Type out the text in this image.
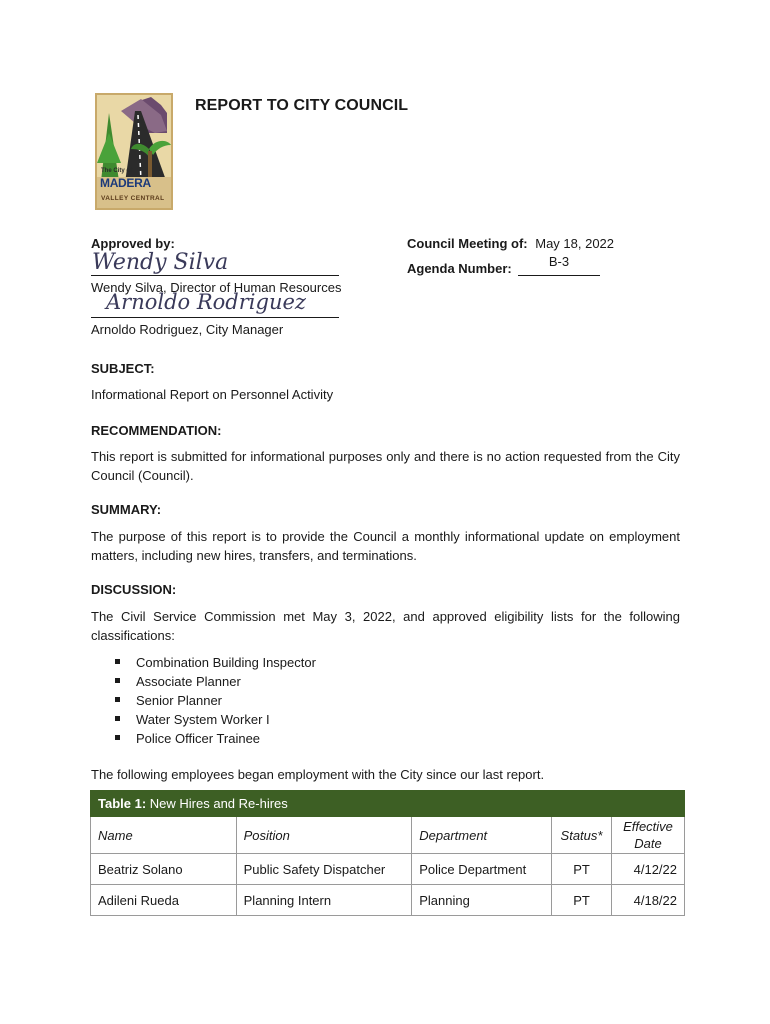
The City of
MADERA
VALLEY CENTRAL
REPORT TO CITY COUNCIL
Approved by:
Wendy Silva
Wendy Silva, Director of Human Resources
Arnoldo Rodriguez
Arnoldo Rodriguez, City Manager
Council Meeting of: May 18, 2022
Agenda Number:	B-3
SUBJECT:
Informational Report on Personnel Activity
RECOMMENDATION:
This report is submitted for informational purposes only and there is no action requested from the City Council (Council).
SUMMARY:
The purpose of this report is to provide the Council a monthly informational update on employment matters, including new hires, transfers, and terminations.
DISCUSSION:
The Civil Service Commission met May 3, 2022, and approved eligibility lists for the following classifications:
Combination Building Inspector
Associate Planner
Senior Planner
Water System Worker I
Police Officer Trainee
The following employees began employment with the City since our last report.
Table 1: New Hires and Re-hires				
Name	Position	Department	Status*	Effective
Date

Beatriz Solano	Public Safety Dispatcher	Police Department	PT	4/12/22
Adileni Rueda	Planning Intern	Planning	PT	4/18/22
